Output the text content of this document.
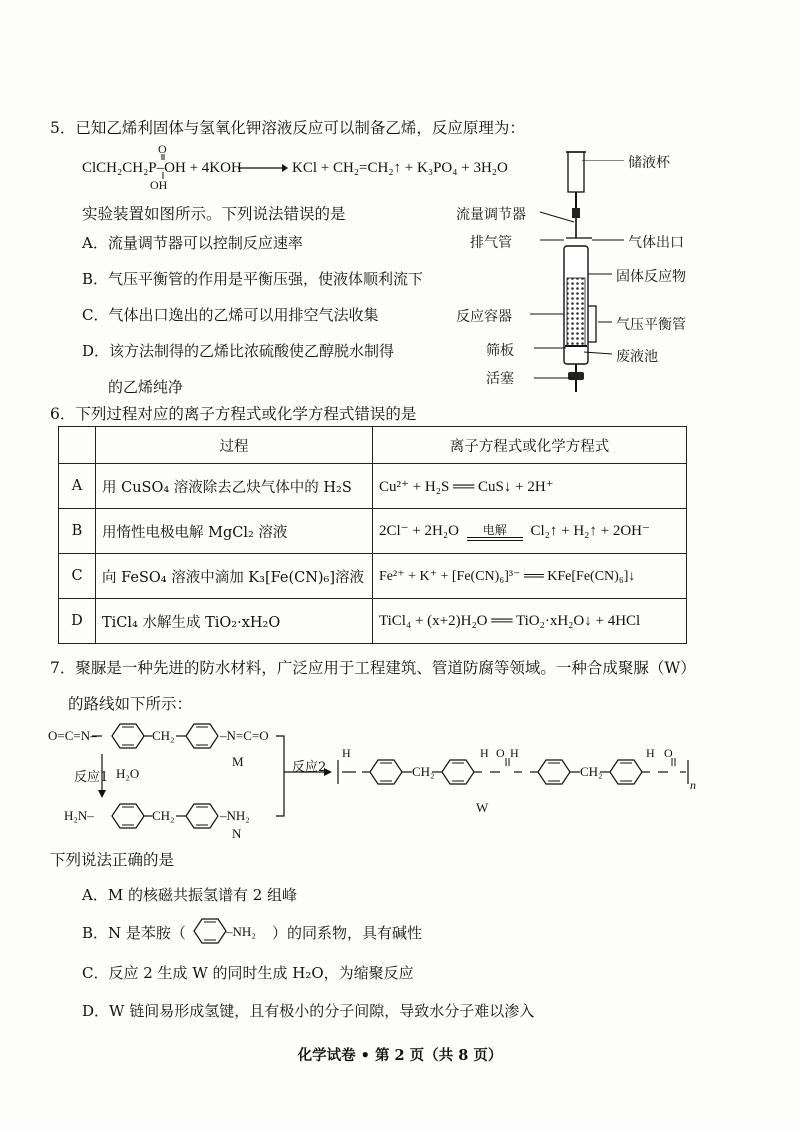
5．已知乙烯利固体与氢氧化钾溶液反应可以制备乙烯，反应原理为：
ClCH₂CH₂P–OH + 4KOH
O
OH
KCl + CH₂=CH₂↑ + K₃PO₄ + 3H₂O
实验装置如图所示。下列说法错误的是
A．流量调节器可以控制反应速率
B．气压平衡管的作用是平衡压强，使液体顺利流下
C．气体出口逸出的乙烯可以用排空气法收集
D．该方法制得的乙烯比浓硫酸使乙醇脱水制得
的乙烯纯净
流量调节器
排气管
反应容器
筛板
活塞
储液杯
气体出口
固体反应物
气压平衡管
废液池
6．下列过程对应的离子方程式或化学方程式错误的是
	过程	离子方程式或化学方程式
A	用 CuSO₄ 溶液除去乙炔气体中的 H₂S	Cu²⁺ + H₂S ══ CuS↓ + 2H⁺
B	用惰性电极电解 MgCl₂ 溶液	2Cl⁻ + 2H₂O 电解 Cl₂↑ + H₂↑ + 2OH⁻
C	向 FeSO₄ 溶液中滴加 K₃[Fe(CN)₆]溶液	Fe²⁺ + K⁺ + [Fe(CN)₆]³⁻ ══ KFe[Fe(CN)₆]↓
D	TiCl₄ 水解生成 TiO₂·xH₂O	TiCl₄ + (x+2)H₂O ══ TiO₂·xH₂O↓ + 4HCl
7．聚脲是一种先进的防水材料，广泛应用于工程建筑、管道防腐等领域。一种合成聚脲（W）
的路线如下所示：
O=C=N–	CH₂	–N=C=O
M
反应1 H₂O
H₂N–	CH₂	–NH₂
N
反应2
H
CH₂
H O H
CH₂
H O
n
W
下列说法正确的是
A．M 的核磁共振氢谱有 2 组峰
B．N 是苯胺（	–NH₂ ）的同系物，具有碱性
C．反应 2 生成 W 的同时生成 H₂O，为缩聚反应
D．W 链间易形成氢键，且有极小的分子间隙，导致水分子难以渗入
化学试卷 • 第 2 页（共 8 页）
